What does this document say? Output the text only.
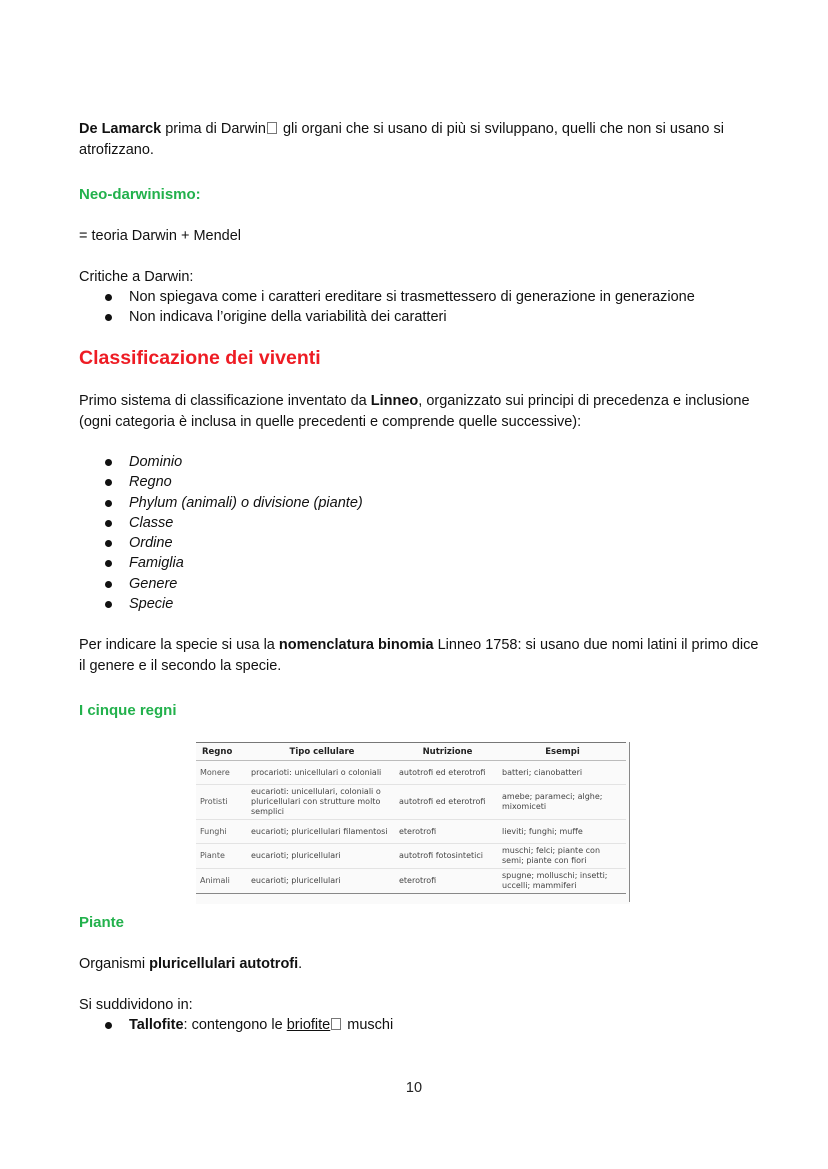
De Lamarck prima di Darwin gli organi che si usano di più si sviluppano, quelli che non si usano si atrofizzano.
Neo-darwinismo:
= teoria Darwin + Mendel
Critiche a Darwin:
Non spiegava come i caratteri ereditare si trasmettessero di generazione in generazione
Non indicava l’origine della variabilità dei caratteri
Classificazione dei viventi
Primo sistema di classificazione inventato da Linneo, organizzato sui principi di precedenza e inclusione (ogni categoria è inclusa in quelle precedenti e comprende quelle successive):
Dominio
Regno
Phylum (animali) o divisione (piante)
Classe
Ordine
Famiglia
Genere
Specie
Per indicare la specie si usa la nomenclatura binomia Linneo 1758: si usano due nomi latini il primo dice il genere e il secondo la specie.
I cinque regni
Regno	Tipo cellulare	Nutrizione	Esempi
Monere	procarioti: unicellulari o coloniali	autotrofi ed eterotrofi	batteri; cianobatteri
Protisti	eucarioti: unicellulari, coloniali o pluricellulari con strutture molto semplici	autotrofi ed eterotrofi	amebe; parameci; alghe; mixomiceti
Funghi	eucarioti; pluricellulari filamentosi	eterotrofi	lieviti; funghi; muffe
Piante	eucarioti; pluricellulari	autotrofi fotosintetici	muschi; felci; piante con semi; piante con fiori
Animali	eucarioti; pluricellulari	eterotrofi	spugne; molluschi; insetti; uccelli; mammiferi
Piante
Organismi pluricellulari autotrofi.
Si suddividono in:
Tallofite: contengono le briofite muschi
10
